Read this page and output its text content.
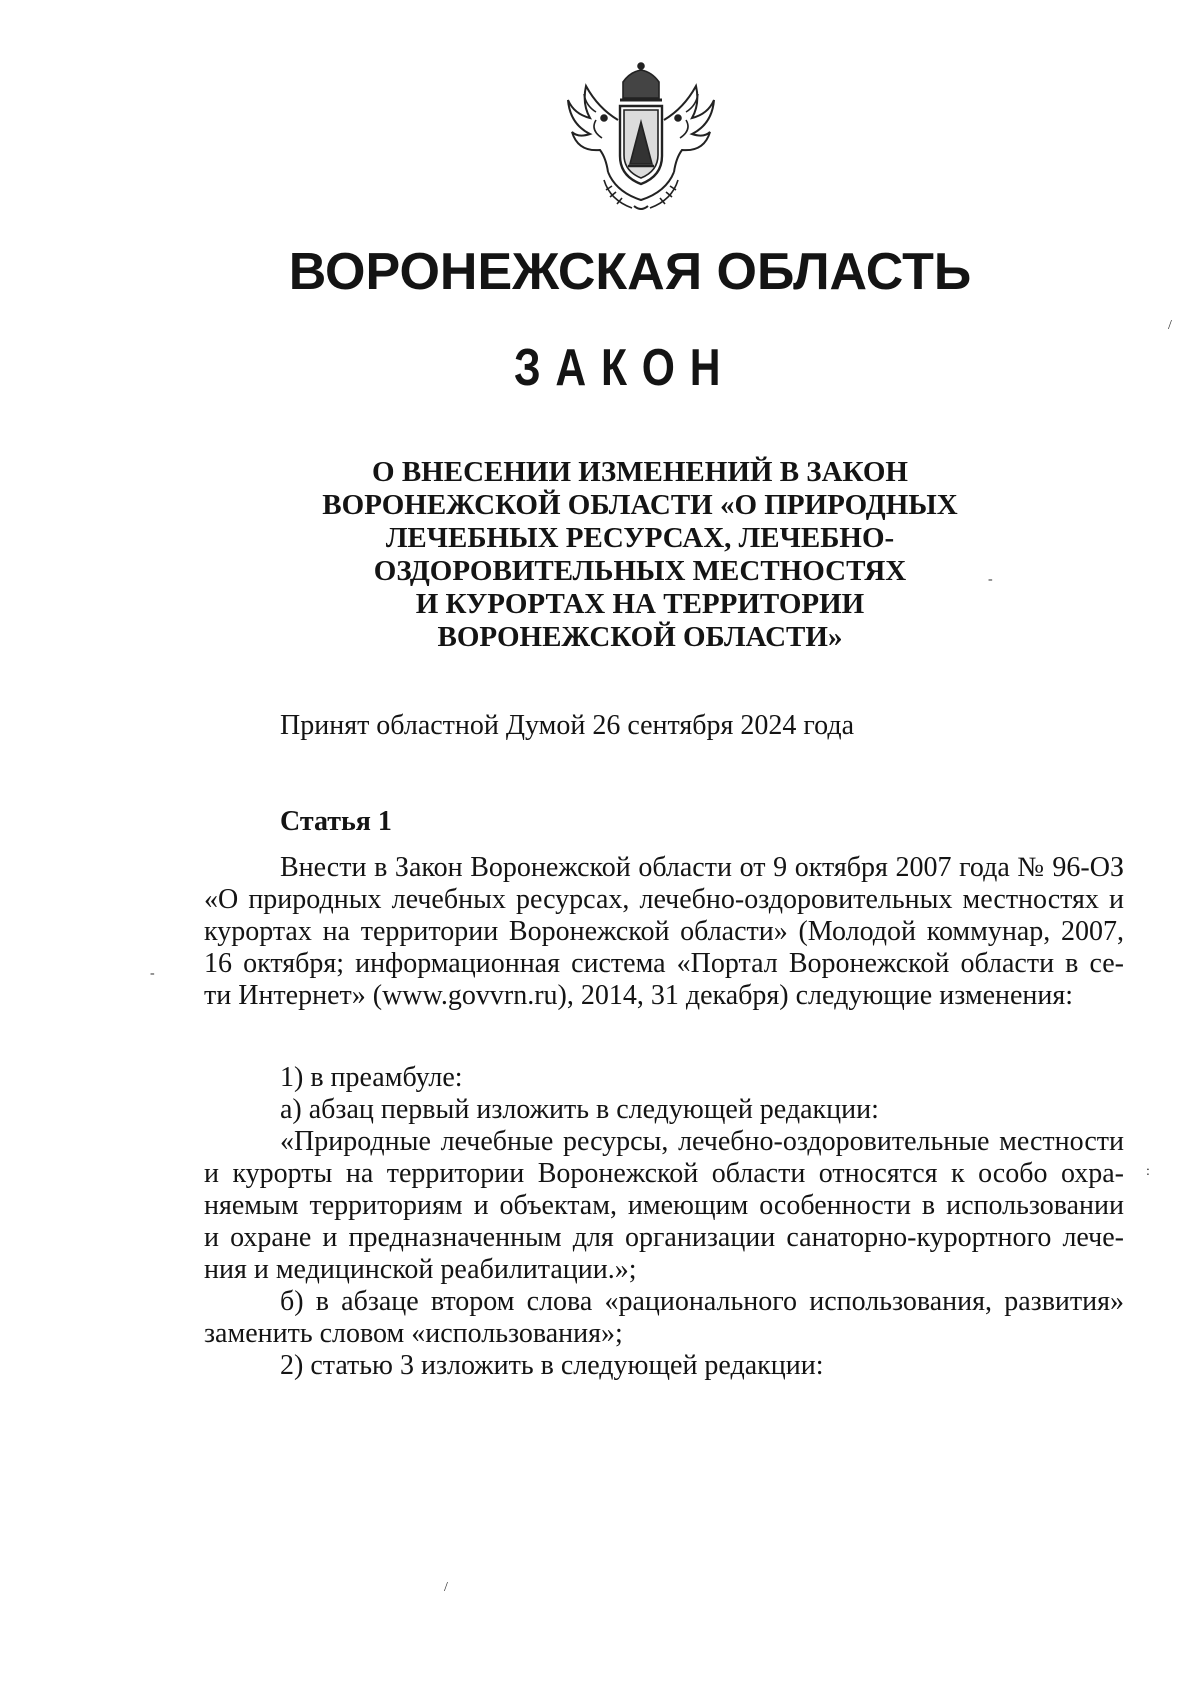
ВОРОНЕЖСКАЯ ОБЛАСТЬ
ЗАКОН
О ВНЕСЕНИИ ИЗМЕНЕНИЙ В ЗАКОН
ВОРОНЕЖСКОЙ ОБЛАСТИ «О ПРИРОДНЫХ
ЛЕЧЕБНЫХ РЕСУРСАХ, ЛЕЧЕБНО-
ОЗДОРОВИТЕЛЬНЫХ МЕСТНОСТЯХ
И КУРОРТАХ НА ТЕРРИТОРИИ
ВОРОНЕЖСКОЙ ОБЛАСТИ»

Принят областной Думой 26 сентября 2024 года

Статья 1

Внести в Закон Воронежской области от 9 октября 2007 года № 96-ОЗ
«О природных лечебных ресурсах, лечебно-оздоровительных местностях и
курортах на территории Воронежской области» (Молодой коммунар, 2007,
16 октября; информационная система «Портал Воронежской области в се-
ти Интернет» (www.govvrn.ru), 2014, 31 декабря) следующие изменения:
1) в преамбуле:
а) абзац первый изложить в следующей редакции:
«Природные лечебные ресурсы, лечебно-оздоровительные местности
и курорты на территории Воронежской области относятся к особо охра-
няемым территориям и объектам, имеющим особенности в использовании
и охране и предназначенным для организации санаторно-курортного лече-
ния и медицинской реабилитации.»;
б) в абзаце втором слова «рационального использования, развития»
заменить словом «использования»;
2) статью 3 изложить в следующей редакции:
/
-
-
:
/
